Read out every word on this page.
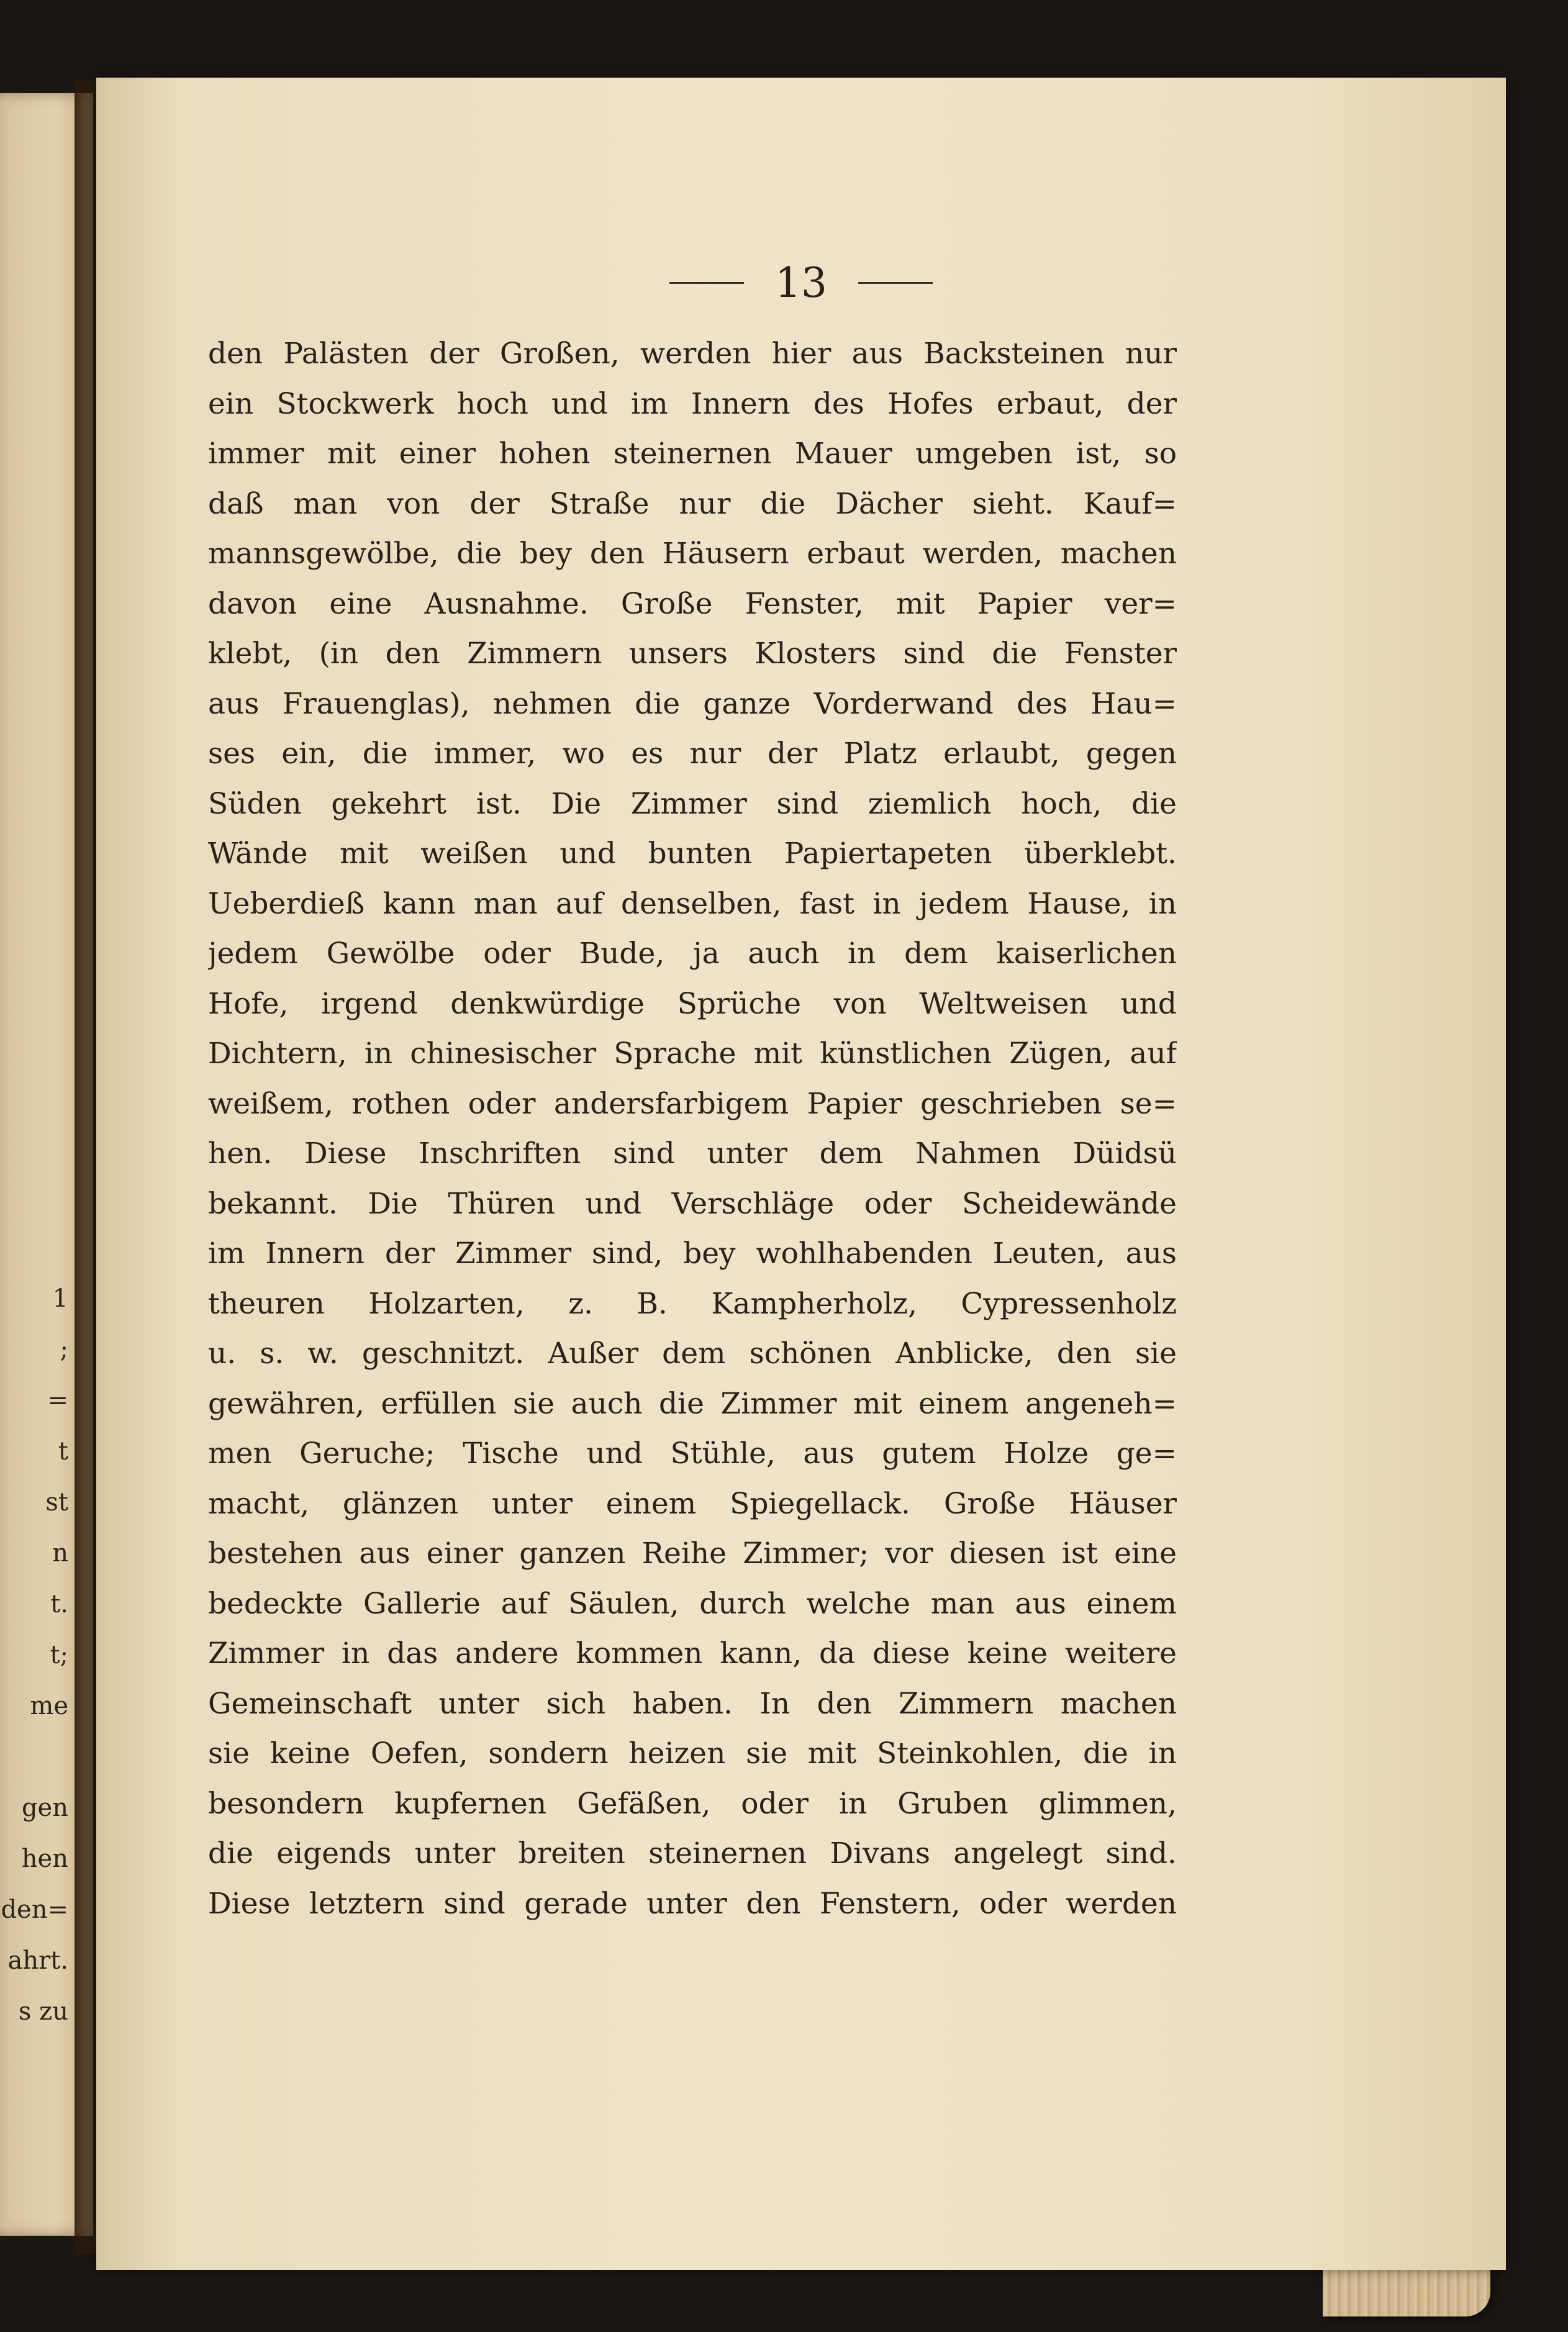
1
;
=
t
st
n
t.
t;
me
gen
hen
den=
ahrt.
s zu
13
den Palästen der Großen, werden hier aus Backsteinen nur
ein Stockwerk hoch und im Innern des Hofes erbaut, der
immer mit einer hohen steinernen Mauer umgeben ist, so
daß man von der Straße nur die Dächer sieht. Kauf=
mannsgewölbe, die bey den Häusern erbaut werden, machen
davon eine Ausnahme. Große Fenster, mit Papier ver=
klebt, (in den Zimmern unsers Klosters sind die Fenster
aus Frauenglas), nehmen die ganze Vorderwand des Hau=
ses ein, die immer, wo es nur der Platz erlaubt, gegen
Süden gekehrt ist. Die Zimmer sind ziemlich hoch, die
Wände mit weißen und bunten Papiertapeten überklebt.
Ueberdieß kann man auf denselben, fast in jedem Hause, in
jedem Gewölbe oder Bude, ja auch in dem kaiserlichen
Hofe, irgend denkwürdige Sprüche von Weltweisen und
Dichtern, in chinesischer Sprache mit künstlichen Zügen, auf
weißem, rothen oder andersfarbigem Papier geschrieben se=
hen. Diese Inschriften sind unter dem Nahmen Düidsü
bekannt. Die Thüren und Verschläge oder Scheidewände
im Innern der Zimmer sind, bey wohlhabenden Leuten, aus
theuren Holzarten, z. B. Kampherholz, Cypressenholz
u. s. w. geschnitzt. Außer dem schönen Anblicke, den sie
gewähren, erfüllen sie auch die Zimmer mit einem angeneh=
men Geruche; Tische und Stühle, aus gutem Holze ge=
macht, glänzen unter einem Spiegellack. Große Häuser
bestehen aus einer ganzen Reihe Zimmer; vor diesen ist eine
bedeckte Gallerie auf Säulen, durch welche man aus einem
Zimmer in das andere kommen kann, da diese keine weitere
Gemeinschaft unter sich haben. In den Zimmern machen
sie keine Oefen, sondern heizen sie mit Steinkohlen, die in
besondern kupfernen Gefäßen, oder in Gruben glimmen,
die eigends unter breiten steinernen Divans angelegt sind.
Diese letztern sind gerade unter den Fenstern, oder werden
